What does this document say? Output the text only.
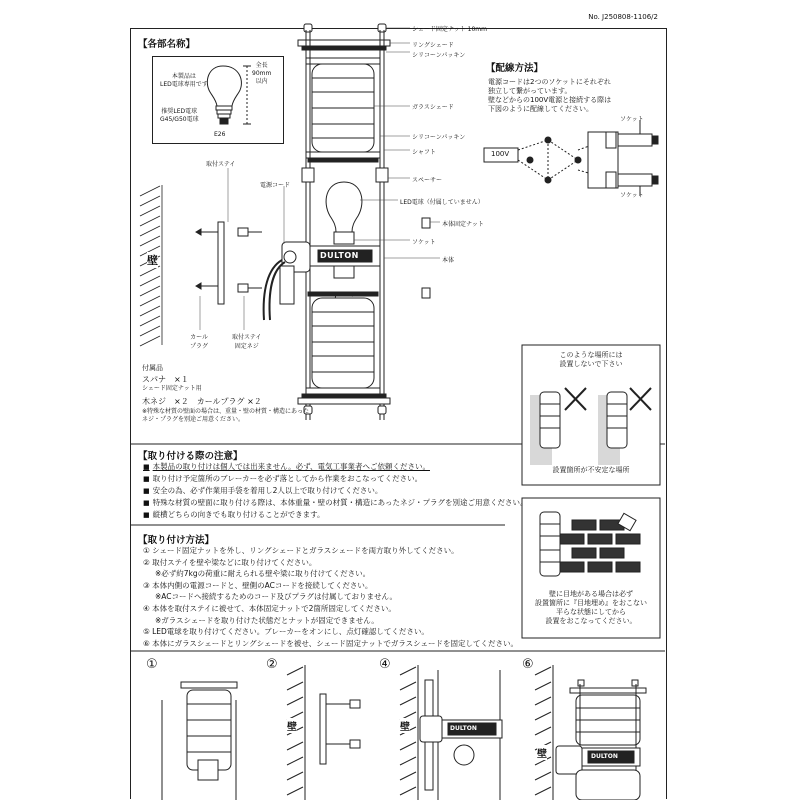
No. J250808-1106/2
【各部名称】
【配線方法】
本製品は
LED電球専用です
全長
90mm
以内
推奨LED電球
G45/G50電球
E26
DULTON
DULTON
DULTON
シェード固定ナット 10mm
リングシェード
シリコーンパッキン
ガラスシェード
シリコーンパッキン
シャフト
スペーサー
LED電球（付属していません）
本体固定ナット
ソケット
本体
取付ステイ
電源コード
壁
カール
プラグ
取付ステイ
固定ネジ
付属品
スパナ　×１
シェード固定ナット用
木ネジ　×２　カールプラグ ×２
※特殊な材質の壁面の場合は、重量・壁の材質・構造にあった
ネジ・プラグを別途ご用意ください。
電源コードは2つのソケットにそれぞれ
独立して繋がっています。
壁などからの100V電源と接続する際は
下図のように配線してください。
100V
ソケット
ソケット
このような場所には
設置しないで下さい
設置箇所が不安定な場所
【取り付ける際の注意】
■ 本製品の取り付けは個人では出来ません。必ず、電気工事業者へご依頼ください。
■ 取り付け予定箇所のブレーカーを必ず落としてから作業をおこなってください。
■ 安全の為、必ず作業用手袋を着用し2人以上で取り付けてください。
■ 特殊な材質の壁面に取り付ける際は、本体重量・壁の材質・構造にあったネジ・プラグを別途ご用意ください。
■ 縦横どちらの向きでも取り付けることができます。
【取り付け方法】
① シェード固定ナットを外し、リングシェードとガラスシェードを両方取り外してください。
② 取付ステイを壁や梁などに取り付けてください。
※必ず約7kgの荷重に耐えられる壁や梁に取り付けてください。
③ 本体内側の電源コードと、壁側のACコードを接続してください。
※ACコードへ接続するためのコード及びプラグは付属しておりません。
④ 本体を取付ステイに被せて、本体固定ナットで2箇所固定してください。
※ガラスシェードを取り付けた状態だとナットが固定できません。
⑤ LED電球を取り付けてください。ブレーカーをオンにし、点灯確認してください。
⑥ 本体にガラスシェードとリングシェードを被せ、シェード固定ナットでガラスシェードを固定してください。
壁に目地がある場合は必ず
設置箇所に『目地埋め』をおこない
平らな状態にしてから
設置をおこなってください。
①	②	④	⑥
壁	壁
壁
